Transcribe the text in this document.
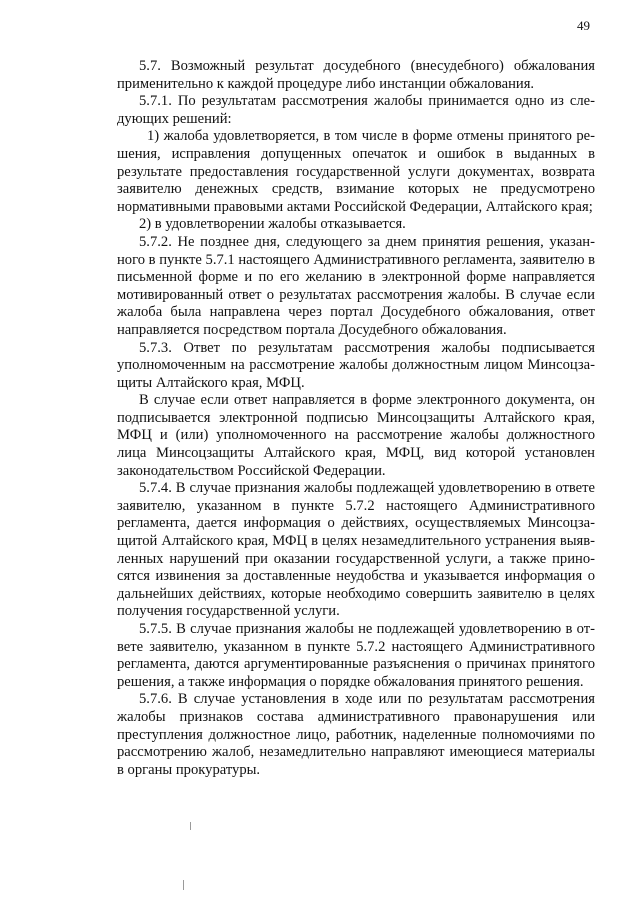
49

5.7. Возможный результат досудебного (внесудебного) обжалования применительно к каждой процедуре либо инстанции обжалования.

5.7.1. По результатам рассмотрения жалобы принимается одно из следующих решений:

1) жалоба удовлетворяется, в том числе в форме отмены принятого решения, исправления допущенных опечаток и ошибок в выданных в результате предоставления государственной услуги документах, возврата заявителю денежных средств, взимание которых не предусмотрено нормативными правовыми актами Российской Федерации, Алтайского края;

2) в удовлетворении жалобы отказывается.

5.7.2. Не позднее дня, следующего за днем принятия решения, указанного в пункте 5.7.1 настоящего Административного регламента, заявителю в письменной форме и по его желанию в электронной форме направляется мотивированный ответ о результатах рассмотрения жалобы. В случае если жалоба была направлена через портал Досудебного обжалования, ответ направляется посредством портала Досудебного обжалования.

5.7.3. Ответ по результатам рассмотрения жалобы подписывается уполномоченным на рассмотрение жалобы должностным лицом Минсоцзащиты Алтайского края, МФЦ.

В случае если ответ направляется в форме электронного документа, он подписывается электронной подписью Минсоцзащиты Алтайского края, МФЦ и (или) уполномоченного на рассмотрение жалобы должностного лица Минсоцзащиты Алтайского края, МФЦ, вид которой установлен законодательством Российской Федерации.

5.7.4. В случае признания жалобы подлежащей удовлетворению в ответе заявителю, указанном в пункте 5.7.2 настоящего Административного регламента, дается информация о действиях, осуществляемых Минсоцзащитой Алтайского края, МФЦ в целях незамедлительного устранения выявленных нарушений при оказании государственной услуги, а также приносятся извинения за доставленные неудобства и указывается информация о дальнейших действиях, которые необходимо совершить заявителю в целях получения государственной услуги.

5.7.5. В случае признания жалобы не подлежащей удовлетворению в ответе заявителю, указанном в пункте 5.7.2 настоящего Административного регламента, даются аргументированные разъяснения о причинах принятого решения, а также информация о порядке обжалования принятого решения.

5.7.6. В случае установления в ходе или по результатам рассмотрения жалобы признаков состава административного правонарушения или преступления должностное лицо, работник, наделенные полномочиями по рассмотрению жалоб, незамедлительно направляют имеющиеся материалы в органы прокуратуры.
